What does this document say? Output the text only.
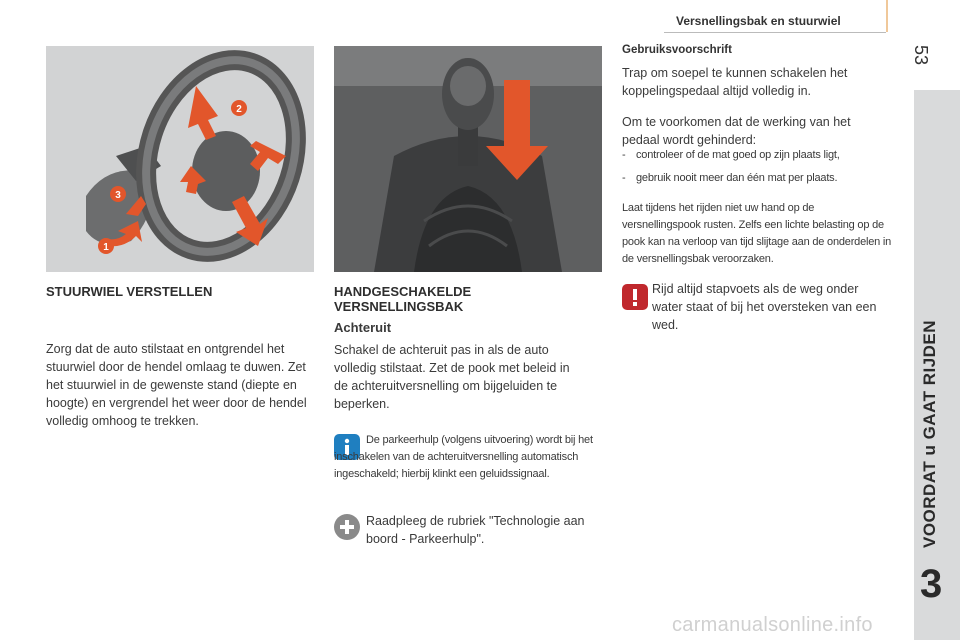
Versnellingsbak en stuurwiel
53
VOORDAT u GAAT RIJDEN
3
2
3
1
STUURWIEL VERSTELLEN
Zorg dat de auto stilstaat en ontgrendel het stuurwiel door de hendel omlaag te duwen. Zet het stuurwiel in de gewenste stand (diepte en hoogte) en vergrendel het weer door de hendel volledig omhoog te trekken.
HANDGESCHAKELDE VERSNELLINGSBAK
Achteruit
Schakel de achteruit pas in als de auto volledig stilstaat. Zet de pook met beleid in de achteruitversnelling om bijgeluiden te beperken.
De parkeerhulp (volgens uitvoering) wordt bij het inschakelen van de achteruitversnelling automatisch ingeschakeld; hierbij klinkt een geluidssignaal.
Raadpleeg de rubriek "Technologie aan boord - Parkeerhulp".
Gebruiksvoorschrift
Trap om soepel te kunnen schakelen het koppelingspedaal altijd volledig in.
Om te voorkomen dat de werking van het pedaal wordt gehinderd:
- controleer of de mat goed op zijn plaats ligt,
- gebruik nooit meer dan één mat per plaats.
Laat tijdens het rijden niet uw hand op de versnellingspook rusten. Zelfs een lichte belasting op de pook kan na verloop van tijd slijtage aan de onderdelen in de versnellingsbak veroorzaken.
Rijd altijd stapvoets als de weg onder water staat of bij het oversteken van een wed.
carmanualsonline.info
